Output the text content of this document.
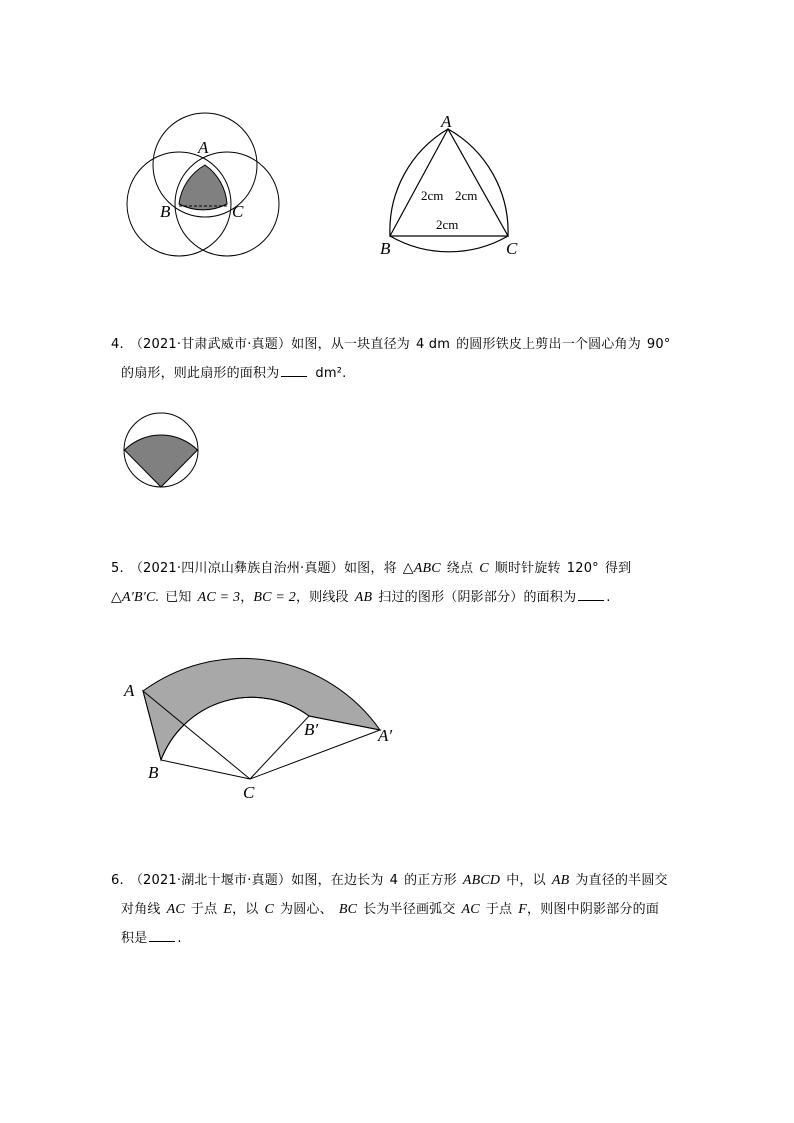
A
B	C
A
B	C
2cm 2cm
2cm
4. （2021·甘肃武威市·真题）如图，从一块直径为 4 dm 的圆形铁皮上剪出一个圆心角为 90°
的扇形，则此扇形的面积为	dm².
5. （2021·四川凉山彝族自治州·真题）如图，将 △ABC 绕点 C 顺时针旋转 120° 得到
△A′B′C. 已知 AC = 3，BC = 2，则线段 AB 扫过的图形（阴影部分）的面积为 .
A
B
C
B′	A′
6. （2021·湖北十堰市·真题）如图，在边长为 4 的正方形 ABCD 中，以 AB 为直径的半圆交
对角线 AC 于点 E，以 C 为圆心、 BC 长为半径画弧交 AC 于点 F，则图中阴影部分的面
积是 .
